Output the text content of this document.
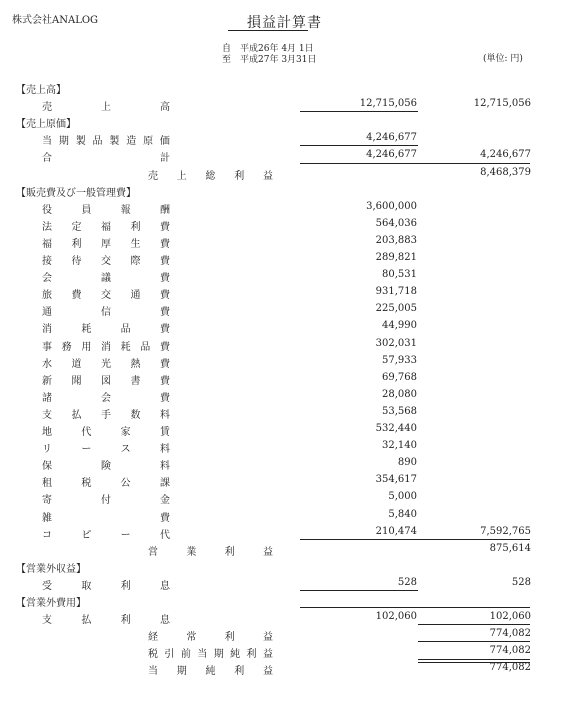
株式会社ANALOG	損益計算書
自　平成26年 4月 1日
至　平成27年 3月31日	(単位: 円)
【売上高】
売	上	高	12,715,056	12,715,056
【売上原価】
当 期 製 品 製 造 原 価	4,246,677
合	計	4,246,677	4,246,677
売 上 総 利 益	8,468,379
【販売費及び一般管理費】
役	員	報	酬	3,600,000
法 定 福 利 費	564,036
福 利 厚 生 費	203,883
接 待 交 際 費	289,821
会	議	費	80,531
旅 費 交 通 費	931,718
通	信	費	225,005
消	耗	品	費	44,990
事 務 用 消 耗 品 費	302,031
水 道 光 熱 費	57,933
新 聞 図 書 費	69,768
諸	会	費	28,080
支 払 手 数 料	53,568
地	代	家	賃	532,440
リ	ー	ス	料	32,140
保	険	料	890
租	税	公	課	354,617
寄	付	金	5,000
雑	費	5,840
コ	ピ	ー	代	210,474	7,592,765
営	業	利	益	875,614
【営業外収益】
受	取	利	息	528	528
【営業外費用】
支	払	利	息	102,060	102,060
経	常	利	益	774,082
税 引 前 当 期 純 利 益	774,082
当 期 純 利 益	774,082
